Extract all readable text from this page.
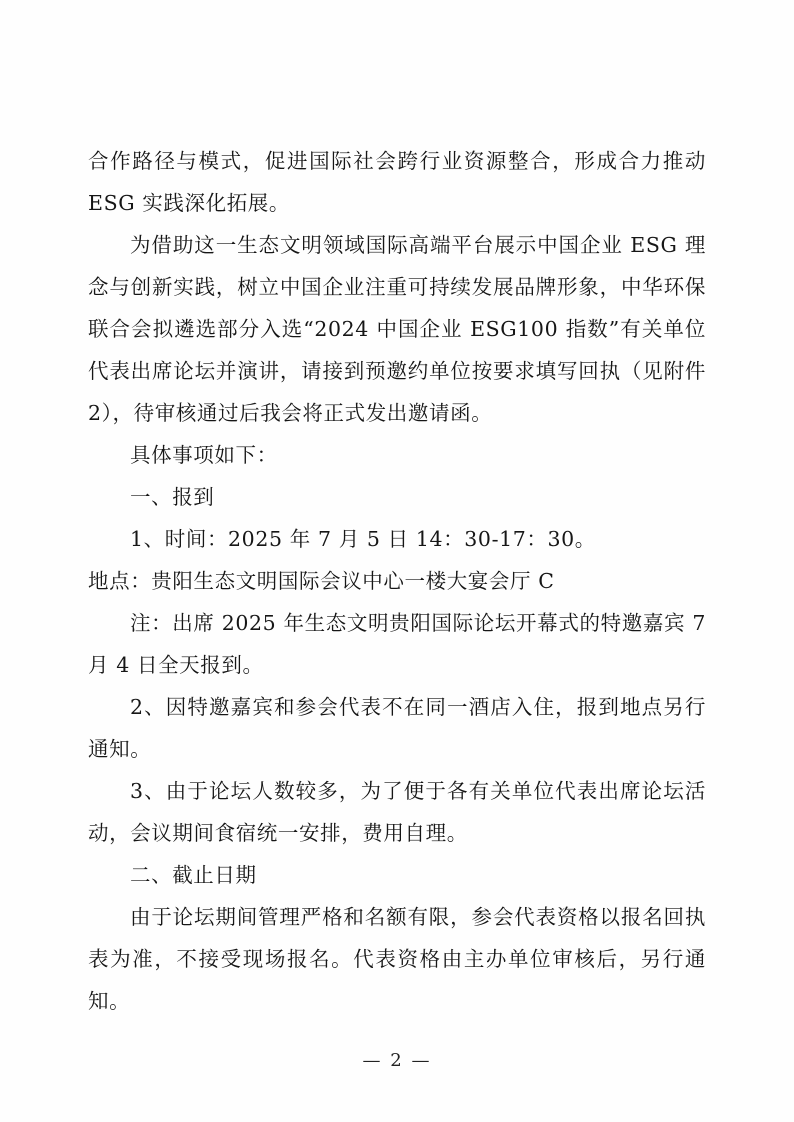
合作路径与模式，促进国际社会跨行业资源整合，形成合力推动 ESG 实践深化拓展。

为借助这一生态文明领域国际高端平台展示中国企业 ESG 理念与创新实践，树立中国企业注重可持续发展品牌形象，中华环保联合会拟遴选部分入选“2024 中国企业 ESG100 指数”有关单位代表出席论坛并演讲，请接到预邀约单位按要求填写回执（见附件 2），待审核通过后我会将正式发出邀请函。

具体事项如下：

一、报到

1、时间：2025 年 7 月 5 日 14：30-17：30。

地点：贵阳生态文明国际会议中心一楼大宴会厅 C

注：出席 2025 年生态文明贵阳国际论坛开幕式的特邀嘉宾 7 月 4 日全天报到。

2、因特邀嘉宾和参会代表不在同一酒店入住，报到地点另行通知。

3、由于论坛人数较多，为了便于各有关单位代表出席论坛活动，会议期间食宿统一安排，费用自理。

二、截止日期

由于论坛期间管理严格和名额有限，参会代表资格以报名回执表为准，不接受现场报名。代表资格由主办单位审核后，另行通知。

— 2 —
